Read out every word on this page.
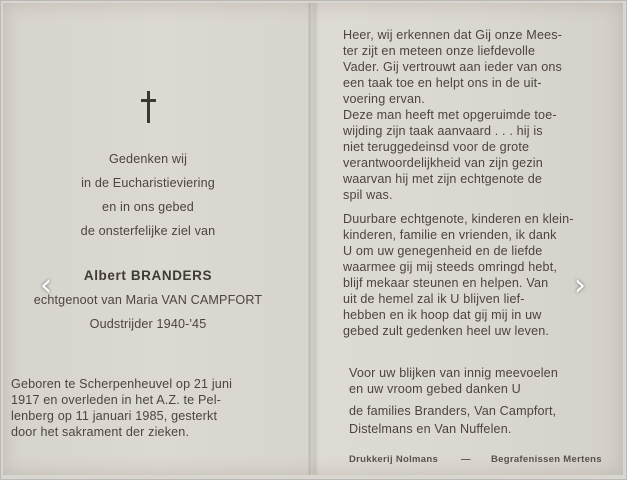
Gedenken wij
in de Eucharistieviering
en in ons gebed
de onsterfelijke ziel van
Albert BRANDERS
echtgenoot van Maria VAN CAMPFORT
Oudstrijder 1940-'45
Geboren te Scherpenheuvel op 21 juni
1917 en overleden in het A.Z. te Pel-
lenberg op 11 januari 1985, gesterkt
door het sakrament der zieken.
Heer, wij erkennen dat Gij onze Mees-
ter zijt en meteen onze liefdevolle
Vader. Gij vertrouwt aan ieder van ons
een taak toe en helpt ons in de uit-
voering ervan.
Deze man heeft met opgeruimde toe-
wijding zijn taak aanvaard . . . hij is
niet teruggedeinsd voor de grote
verantwoordelijkheid van zijn gezin
waarvan hij met zijn echtgenote de
spil was.
Duurbare echtgenote, kinderen en klein-
kinderen, familie en vrienden, ik dank
U om uw genegenheid en de liefde
waarmee gij mij steeds omringd hebt,
blijf mekaar steunen en helpen. Van
uit de hemel zal ik U blijven lief-
hebben en ik hoop dat gij mij in uw
gebed zult gedenken heel uw leven.
Voor uw blijken van innig meevoelen
en uw vroom gebed danken U
de families Branders, Van Campfort,
Distelmans en Van Nuffelen.
Drukkerij Nolmans — Begrafenissen Mertens
‹	›
